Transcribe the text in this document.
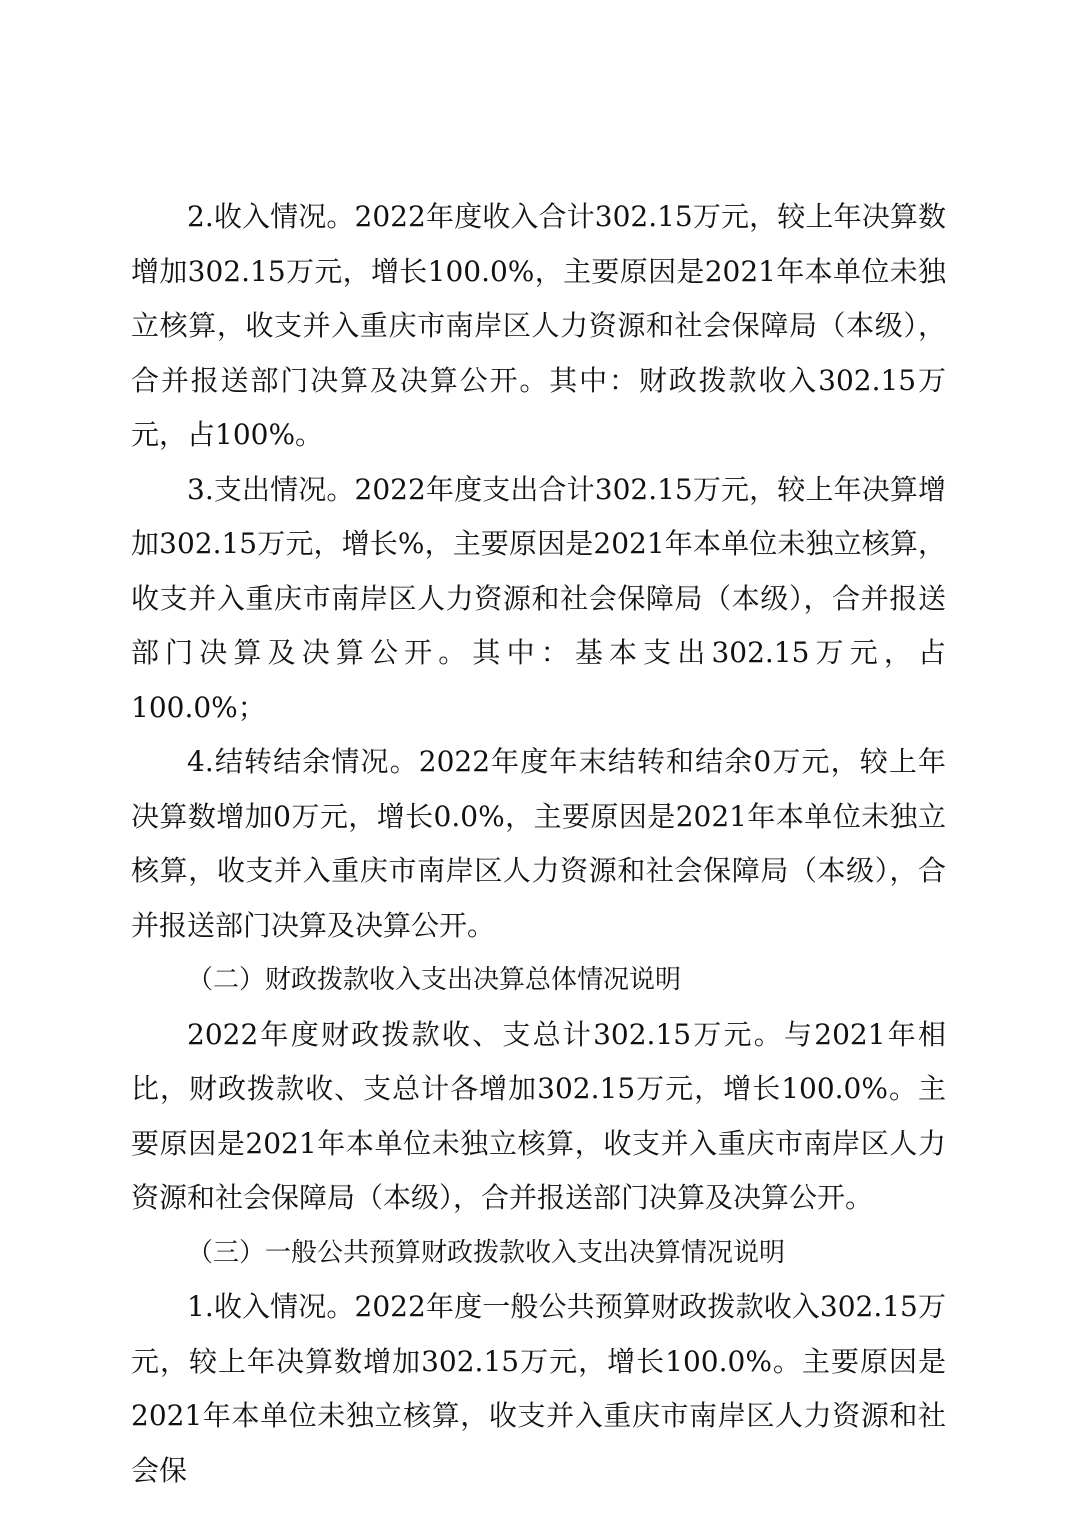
2.收入情况。2022年度收入合计302.15万元，较上年决算数增加302.15万元，增长100.0%，主要原因是2021年本单位未独立核算，收支并入重庆市南岸区人力资源和社会保障局（本级），合并报送部门决算及决算公开。其中：财政拨款收入302.15万元，占100%。

3.支出情况。2022年度支出合计302.15万元，较上年决算增加302.15万元，增长%，主要原因是2021年本单位未独立核算，收支并入重庆市南岸区人力资源和社会保障局（本级），合并报送部门决算及决算公开。其中：基本支出302.15万元，占100.0%；

4.结转结余情况。2022年度年末结转和结余0万元，较上年决算数增加0万元，增长0.0%，主要原因是2021年本单位未独立核算，收支并入重庆市南岸区人力资源和社会保障局（本级），合并报送部门决算及决算公开。

（二）财政拨款收入支出决算总体情况说明

2022年度财政拨款收、支总计302.15万元。与2021年相比，财政拨款收、支总计各增加302.15万元，增长100.0%。主要原因是2021年本单位未独立核算，收支并入重庆市南岸区人力资源和社会保障局（本级），合并报送部门决算及决算公开。

（三）一般公共预算财政拨款收入支出决算情况说明

1.收入情况。2022年度一般公共预算财政拨款收入302.15万元，较上年决算数增加302.15万元，增长100.0%。主要原因是2021年本单位未独立核算，收支并入重庆市南岸区人力资源和社会保
